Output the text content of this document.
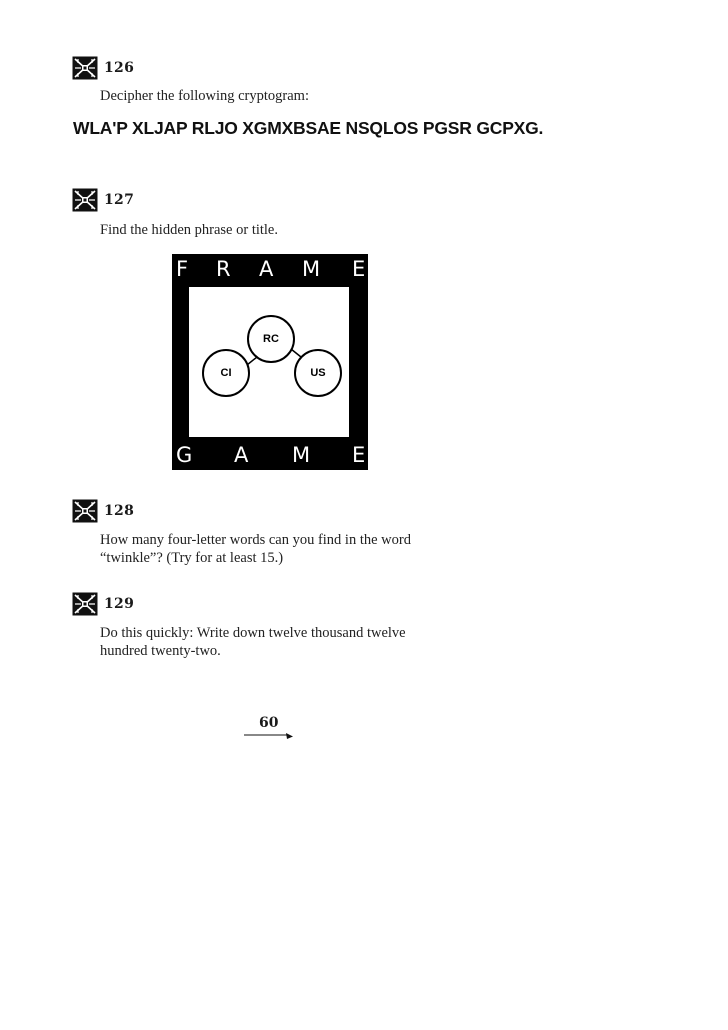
126
Decipher the following cryptogram:
WLA'P XLJAP RLJO XGMXBSAE NSQLOS PGSR GCPXG.
127
Find the hidden phrase or title.
F R A M E
RC
CI	US
G A M E
128
How many four-letter words can you find in the word
“twinkle”? (Try for at least 15.)
129
Do this quickly: Write down twelve thousand twelve
hundred twenty-two.
60
